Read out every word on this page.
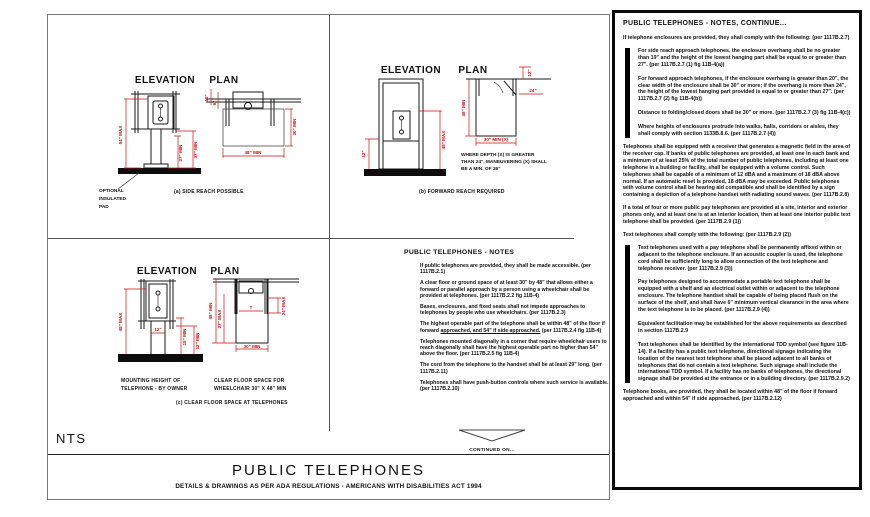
ELEVATION PLAN
54" MAX
27" MIN 37" MIN
10"
6"
30" MIN
48" MIN
OPTIONAL
INSULATED
PAD
(a) SIDE REACH POSSIBLE
ELEVATION PLAN
48" MAX
12"
48" MIN
30" MIN (X)
12"
24"
WHERE DEPTH (X) IS GREATER
THAN 24", MANEUVERING (X) SHALL
BE A MIN. OF 36"
(b) FORWARD REACH REQUIRED
ELEVATION PLAN
48" MAX	12"	15" MIN 12" MIN
48" MIN 27" MAX
T
30" MIN
24" MAX
MOUNTING HEIGHT OF
TELEPHONE - BY OWNER
CLEAR FLOOR SPACE FOR
WHEELCHAIR 30" X 48" MIN
(c) CLEAR FLOOR SPACE AT TELEPHONES
PUBLIC TELEPHONES - NOTES
If public telephones are provided, they shall be made accessible. (per 1117B.2.1)
A clear floor or ground space of at least 30" by 48" that allows either a forward or parallel approach by a person using a wheelchair shall be provided at telephones. (per 1117B.2.2 fig 11B-4)
Bases, enclosures, and fixed seats shall not impede approaches to telephones by people who use wheelchairs. (per 1117B.2.3)
The highest operable part of the telephone shall be within 48" of the floor if forward approached, and 54" if side approached. (per 1117B.2.4 fig 11B-4)
Telephones mounted diagonally in a corner that require wheelchair users to reach diagonally shall have the highest operable part no higher than 54" above the floor. (per 1117B.2.5 fig 11B-4)
The cord from the telephone to the handset shall be at least 29" long. (per 1117B.2.11)
Telephones shall have push-button controls where such service is available. (per 1117B.2.10)
CONTINUED ON...
NTS
PUBLIC TELEPHONES
DETAILS & DRAWINGS AS PER ADA REGULATIONS - AMERICANS WITH DISABILITIES ACT 1994
PUBLIC TELEPHONES - NOTES, CONTINUE...
If telephone enclosures are provided, they shall comply with the following: (per 1117B.2.7)
For side reach approach telephones, the enclosure overhang shall be no greater than 19" and the height of the lowest hanging part shall be equal to or greater than 27". (per 1117B.2.7 (1) fig 11B-4(a))
For forward approach telephones, if the enclosure overhang is greater than 20", the clear width of the enclosure shall be 30" or more; if the overhang is more than 24", the height of the lowest hanging part provided is equal to or greater than 27". (per 1117B.2.7 (2) fig 11B-4(b))
Distance to folding/closed doors shall be 30" or more. (per 1117B.2.7 (3) fig 11B-4(c))
Where heights of enclosures protrude into walks, halls, corridors or aisles, they shall comply with section 1133B.8.6. (per 1117B.2.7 (4))
Telephones shall be equipped with a receiver that generates a magnetic field in the area of the receiver cap. If banks of public telephones are provided, at least one in each bank and a minimum of at least 25% of the total number of public telephones, including at least one telephone in a building or facility, shall be equipped with a volume control. Such telephones shall be capable of a minimum of 12 dBA and a maximum of 18 dBA above normal. If an automatic reset is provided, 18 dBA may be exceeded. Public telephones with volume control shall be hearing aid compatible and shall be identified by a sign containing a depiction of a telephone handset with radiating sound waves. (per 1117B.2.8)
If a total of four or more public pay telephones are provided at a site, interior and exterior phones only, and at least one is at an interior location, then at least one interior public text telephone shall be provided. (per 1117B.2.9 (1))
Text telephones shall comply with the following: (per 1117B.2.9 (2))
Text telephones used with a pay telephone shall be permanently affixed within or adjacent to the telephone enclosure. If an acoustic coupler is used, the telephone cord shall be sufficiently long to allow connection of the text telephone and telephone receiver. (per 1117B.2.9 (3))
Pay telephones designed to accommodate a portable text telephone shall be equipped with a shelf and an electrical outlet within or adjacent to the telephone enclosure. The telephone handset shall be capable of being placed flush on the surface of the shelf, and shall have 6" minimum vertical clearance in the area where the text telephone is to be placed. (per 1117B.2.9 (4))
Equivalent facilitation may be established for the above requirements as described in section 1117B.2.9
Text telephones shall be identified by the international TDD symbol (see figure 11B-14). If a facility has a public text telephone, directional signage indicating the location of the nearest text telephone shall be placed adjacent to all banks of telephones that do not contain a text telephone. Such signage shall include the international TDD symbol. If a facility has no banks of telephones, the directional signage shall be provided at the entrance or in a building directory. (per 1117B.2.9.2)
Telephone books, are provided, they shall be located within 48" of the floor if forward approached and within 54" if side approached. (per 1117B.2.12)
